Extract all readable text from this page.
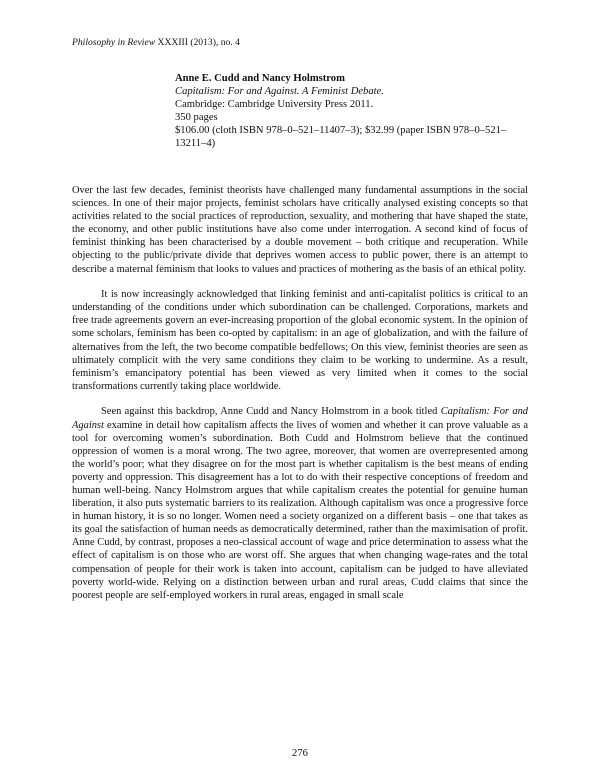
Philosophy in Review XXXIII (2013), no. 4
Anne E. Cudd and Nancy Holmstrom
Capitalism: For and Against. A Feminist Debate.
Cambridge: Cambridge University Press 2011.
350 pages
$106.00 (cloth ISBN 978–0–521–11407–3); $32.99 (paper ISBN 978–0–521–13211–4)

Over the last few decades, feminist theorists have challenged many fundamental assumptions in the social sciences. In one of their major projects, feminist scholars have critically analysed existing concepts so that activities related to the social practices of reproduction, sexuality, and mothering that have shaped the state, the economy, and other public institutions have also come under interrogation. A second kind of focus of feminist thinking has been characterised by a double movement – both critique and recuperation. While objecting to the public/private divide that deprives women access to public power, there is an attempt to describe a maternal feminism that looks to values and practices of mothering as the basis of an ethical polity.

It is now increasingly acknowledged that linking feminist and anti-capitalist politics is critical to an understanding of the conditions under which subordination can be challenged. Corporations, markets and free trade agreements govern an ever-increasing proportion of the global economic system. In the opinion of some scholars, feminism has been co-opted by capitalism: in an age of globalization, and with the failure of alternatives from the left, the two become compatible bedfellows; On this view, feminist theories are seen as ultimately complicit with the very same conditions they claim to be working to undermine. As a result, feminism’s emancipatory potential has been viewed as very limited when it comes to the social transformations currently taking place worldwide.

Seen against this backdrop, Anne Cudd and Nancy Holmstrom in a book titled Capitalism: For and Against examine in detail how capitalism affects the lives of women and whether it can prove valuable as a tool for overcoming women’s subordination. Both Cudd and Holmstrom believe that the continued oppression of women is a moral wrong. The two agree, moreover, that women are overrepresented among the world’s poor; what they disagree on for the most part is whether capitalism is the best means of ending poverty and oppression. This disagreement has a lot to do with their respective conceptions of freedom and human well-being. Nancy Holmstrom argues that while capitalism creates the potential for genuine human liberation, it also puts systematic barriers to its realization. Although capitalism was once a progressive force in human history, it is so no longer. Women need a society organized on a different basis – one that takes as its goal the satisfaction of human needs as democratically determined, rather than the maximisation of profit. Anne Cudd, by contrast, proposes a neo-classical account of wage and price determination to assess what the effect of capitalism is on those who are worst off. She argues that when changing wage-rates and the total compensation of people for their work is taken into account, capitalism can be judged to have alleviated poverty world-wide. Relying on a distinction between urban and rural areas, Cudd claims that since the poorest people are self-employed workers in rural areas, engaged in small scale

276
